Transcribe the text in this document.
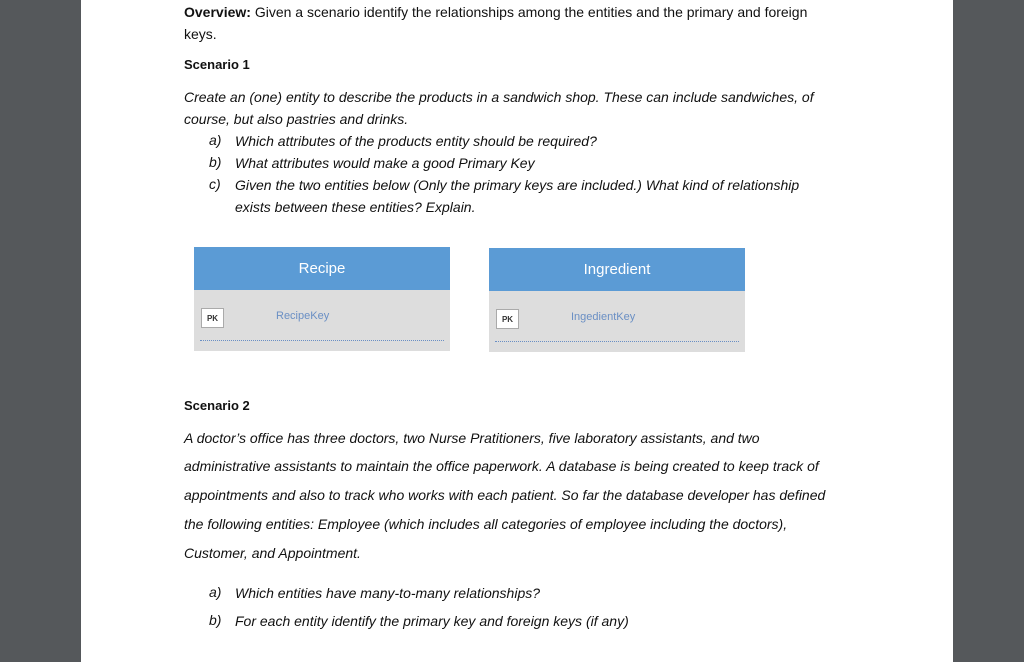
Overview: Given a scenario identify the relationships among the entities and the primary and foreign
keys.
Scenario 1
Create an (one) entity to describe the products in a sandwich shop. These can include sandwiches, of
course, but also pastries and drinks.
a) Which attributes of the products entity should be required?
b) What attributes would make a good Primary Key
c) Given the two entities below (Only the primary keys are included.) What kind of relationship
exists between these entities? Explain.
Recipe
PK	RecipeKey
Ingredient
PK	IngedientKey
Scenario 2
A doctor’s office has three doctors, two Nurse Pratitioners, five laboratory assistants, and two
administrative assistants to maintain the office paperwork. A database is being created to keep track of
appointments and also to track who works with each patient. So far the database developer has defined
the following entities: Employee (which includes all categories of employee including the doctors),
Customer, and Appointment.
a) Which entities have many-to-many relationships?
b) For each entity identify the primary key and foreign keys (if any)
